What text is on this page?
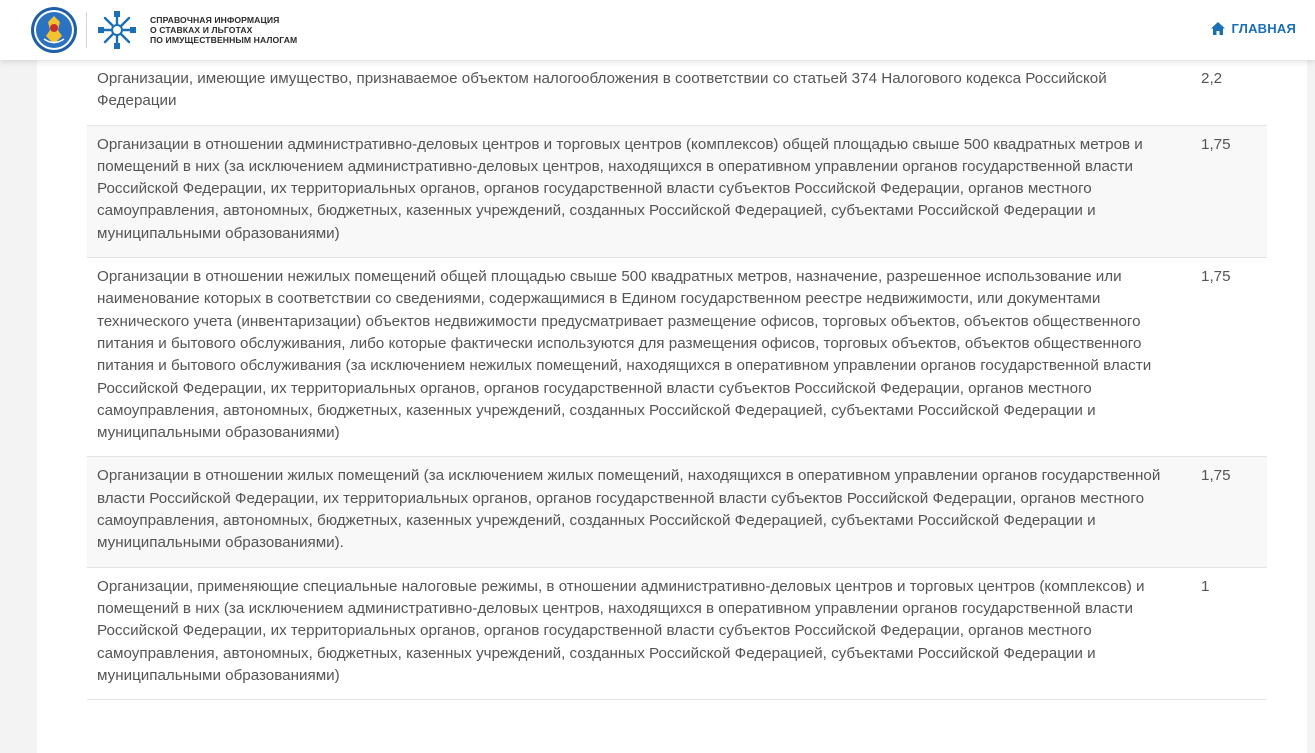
СПРАВОЧНАЯ ИНФОРМАЦИЯ
О СТАВКАХ И ЛЬГОТАХ
ПО ИМУЩЕСТВЕННЫМ НАЛОГАМ
ГЛАВНАЯ
Организации, имеющие имущество, признаваемое объектом налогообложения в соответствии со статьей 374 Налогового кодекса Российской Федерации
2,2
Организации в отношении административно-деловых центров и торговых центров (комплексов) общей площадью свыше 500 квадратных метров и помещений в них (за исключением административно-деловых центров, находящихся в оперативном управлении органов государственной власти Российской Федерации, их территориальных органов, органов государственной власти субъектов Российской Федерации, органов местного самоуправления, автономных, бюджетных, казенных учреждений, созданных Российской Федерацией, субъектами Российской Федерации и муниципальными образованиями)
1,75
Организации в отношении нежилых помещений общей площадью свыше 500 квадратных метров, назначение, разрешенное использование или наименование которых в соответствии со сведениями, содержащимися в Едином государственном реестре недвижимости, или документами технического учета (инвентаризации) объектов недвижимости предусматривает размещение офисов, торговых объектов, объектов общественного питания и бытового обслуживания, либо которые фактически используются для размещения офисов, торговых объектов, объектов общественного питания и бытового обслуживания (за исключением нежилых помещений, находящихся в оперативном управлении органов государственной власти Российской Федерации, их территориальных органов, органов государственной власти субъектов Российской Федерации, органов местного самоуправления, автономных, бюджетных, казенных учреждений, созданных Российской Федерацией, субъектами Российской Федерации и муниципальными образованиями)
1,75
Организации в отношении жилых помещений (за исключением жилых помещений, находящихся в оперативном управлении органов государственной власти Российской Федерации, их территориальных органов, органов государственной власти субъектов Российской Федерации, органов местного самоуправления, автономных, бюджетных, казенных учреждений, созданных Российской Федерацией, субъектами Российской Федерации и муниципальными образованиями).
1,75
Организации, применяющие специальные налоговые режимы, в отношении административно-деловых центров и торговых центров (комплексов) и помещений в них (за исключением административно-деловых центров, находящихся в оперативном управлении органов государственной власти Российской Федерации, их территориальных органов, органов государственной власти субъектов Российской Федерации, органов местного самоуправления, автономных, бюджетных, казенных учреждений, созданных Российской Федерацией, субъектами Российской Федерации и муниципальными образованиями)
1
